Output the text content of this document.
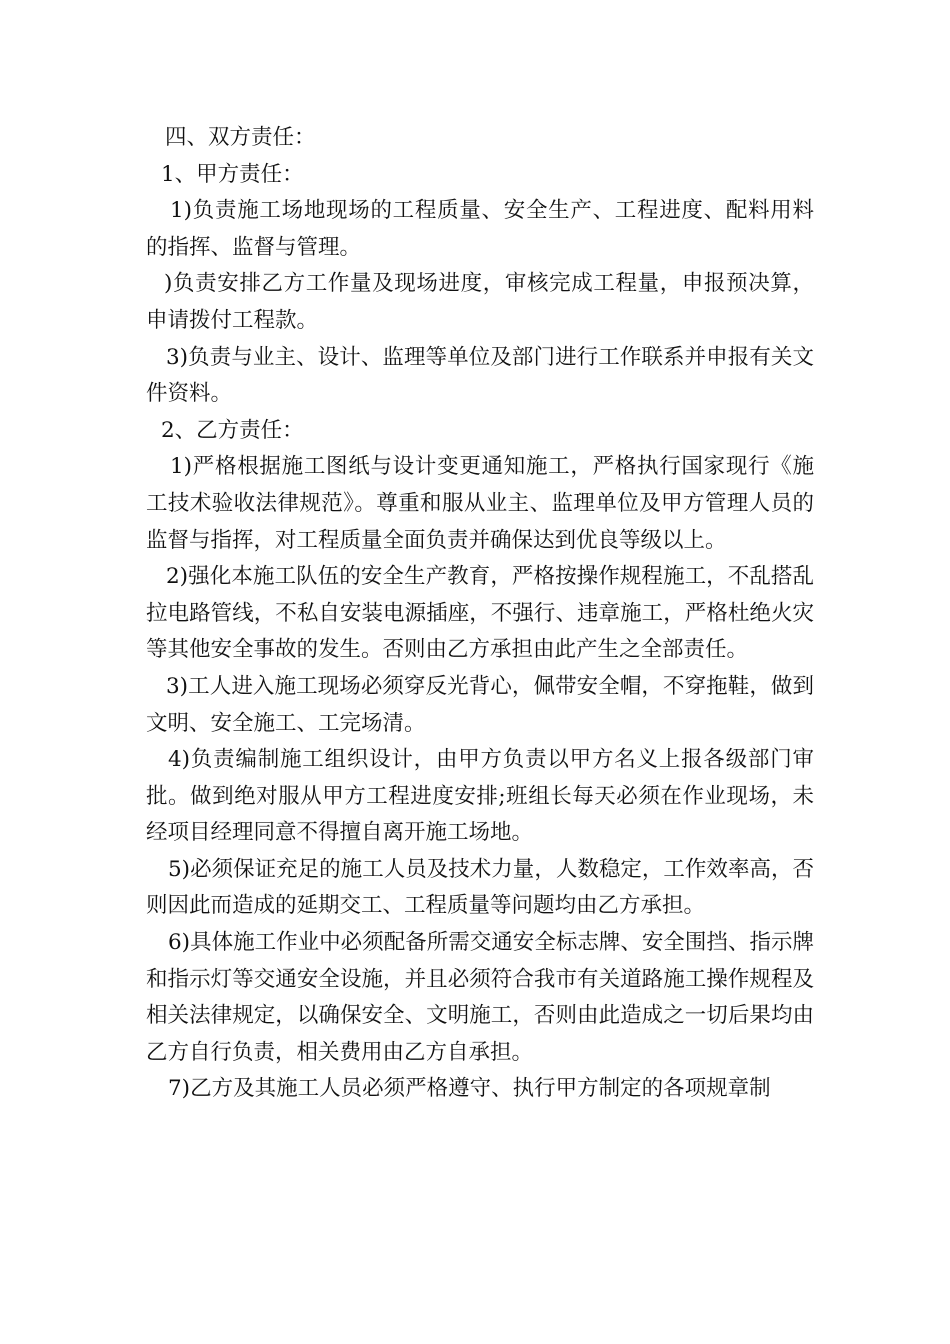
四、双方责任：

1、甲方责任：

1)负责施工场地现场的工程质量、安全生产、工程进度、配料用料的指挥、监督与管理。

)负责安排乙方工作量及现场进度，审核完成工程量，申报预决算，申请拨付工程款。

3)负责与业主、设计、监理等单位及部门进行工作联系并申报有关文件资料。

2、乙方责任：

1)严格根据施工图纸与设计变更通知施工，严格执行国家现行《施工技术验收法律规范》。尊重和服从业主、监理单位及甲方管理人员的监督与指挥，对工程质量全面负责并确保达到优良等级以上。

2)强化本施工队伍的安全生产教育，严格按操作规程施工，不乱搭乱拉电路管线，不私自安装电源插座，不强行、违章施工，严格杜绝火灾等其他安全事故的发生。否则由乙方承担由此产生之全部责任。

3)工人进入施工现场必须穿反光背心，佩带安全帽，不穿拖鞋，做到文明、安全施工、工完场清。

4)负责编制施工组织设计，由甲方负责以甲方名义上报各级部门审批。做到绝对服从甲方工程进度安排;班组长每天必须在作业现场，未经项目经理同意不得擅自离开施工场地。

5)必须保证充足的施工人员及技术力量，人数稳定，工作效率高，否则因此而造成的延期交工、工程质量等问题均由乙方承担。

6)具体施工作业中必须配备所需交通安全标志牌、安全围挡、指示牌和指示灯等交通安全设施，并且必须符合我市有关道路施工操作规程及相关法律规定，以确保安全、文明施工，否则由此造成之一切后果均由乙方自行负责，相关费用由乙方自承担。

7)乙方及其施工人员必须严格遵守、执行甲方制定的各项规章制
